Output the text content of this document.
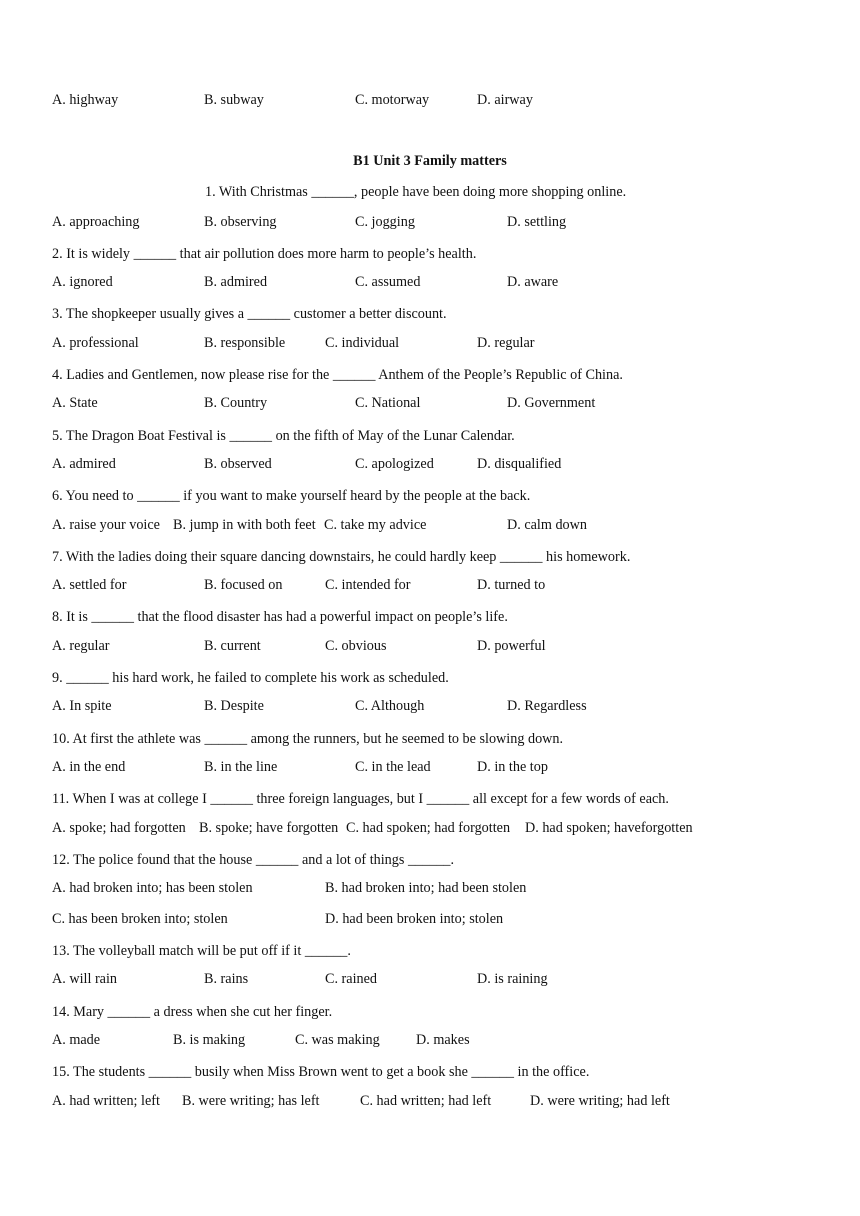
A. highway	B. subway	C. motorway	D. airway
B1 Unit 3 Family matters
1. With Christmas ______, people have been doing more shopping online.
A. approaching	B. observing	C. jogging	D. settling
2. It is widely ______ that air pollution does more harm to people’s health.
A. ignored	B. admired	C. assumed	D. aware
3. The shopkeeper usually gives a ______ customer a better discount.
A. professional	B. responsible	C. individual	D. regular
4. Ladies and Gentlemen, now please rise for the ______ Anthem of the People’s Republic of China.
A. State	B. Country	C. National	D. Government
5. The Dragon Boat Festival is ______ on the fifth of May of the Lunar Calendar.
A. admired	B. observed	C. apologized	D. disqualified
6. You need to ______ if you want to make yourself heard by the people at the back.
A. raise your voice B. jump in with both feet C. take my advice	D. calm down
7. With the ladies doing their square dancing downstairs, he could hardly keep ______ his homework.
A. settled for	B. focused on	C. intended for	D. turned to
8. It is ______ that the flood disaster has had a powerful impact on people’s life.
A. regular	B. current	C. obvious	D. powerful
9. ______ his hard work, he failed to complete his work as scheduled.
A. In spite	B. Despite	C. Although	D. Regardless
10. At first the athlete was ______ among the runners, but he seemed to be slowing down.
A. in the end	B. in the line	C. in the lead	D. in the top
11. When I was at college I ______ three foreign languages, but I ______ all except for a few words of each.
A. spoke; had forgotten B. spoke; have forgotten C. had spoken; had forgotten D. had spoken; haveforgotten
12. The police found that the house ______ and a lot of things ______.
A. had broken into; has been stolen	B. had broken into; had been stolen
C. has been broken into; stolen	D. had been broken into; stolen
13. The volleyball match will be put off if it ______.
A. will rain	B. rains	C. rained	D. is raining
14. Mary ______ a dress when she cut her finger.
A. made	B. is making	C. was making	D. makes
15. The students ______ busily when Miss Brown went to get a book she ______ in the office.
A. had written; left B. were writing; has left	C. had written; had left	D. were writing; had left
